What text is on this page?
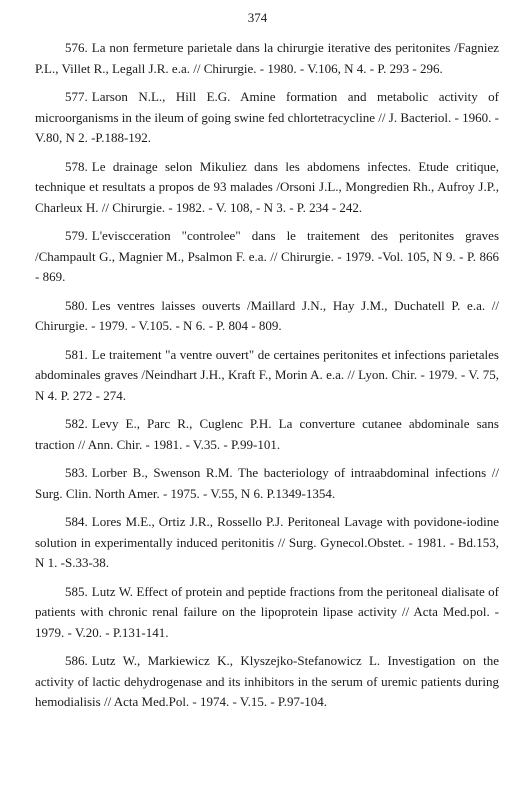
374

576. La non fermeture parietale dans la chirurgie iterative des peritonites /Fagniez P.L., Villet R., Legall J.R. e.a. // Chirurgie. - 1980. - V.106, N 4. - P. 293 - 296.

577. Larson N.L., Hill E.G. Amine formation and metabolic activity of microorganisms in the ileum of going swine fed chlortetracycline // J. Bacteriol. - 1960. - V.80, N 2. -P.188-192.

578. Le drainage selon Mikuliez dans les abdomens infectes. Etude critique, technique et resultats a propos de 93 malades /Orsoni J.L., Mongredien Rh., Aufroy J.P., Charleux H. // Chirurgie. - 1982. - V. 108, - N 3. - P. 234 - 242.

579. L'eviscceration "controlee" dans le traitement des peritonites graves /Champault G., Magnier M., Psalmon F. e.a. // Chirurgie. - 1979. -Vol. 105, N 9. - P. 866 - 869.

580. Les ventres laisses ouverts /Maillard J.N., Hay J.M., Duchatell P. e.a. // Chirurgie. - 1979. - V.105. - N 6. - P. 804 - 809.

581. Le traitement "a ventre ouvert" de certaines peritonites et infections parietales abdominales graves /Neindhart J.H., Kraft F., Morin A. e.a. // Lyon. Chir. - 1979. - V. 75, N 4. P. 272 - 274.

582. Levy E., Parc R., Cuglenc P.H. La converture cutanee abdominale sans traction // Ann. Chir. - 1981. - V.35. - P.99-101.

583. Lorber B., Swenson R.M. The bacteriology of intraabdominal infections // Surg. Clin. North Amer. - 1975. - V.55, N 6. P.1349-1354.

584. Lores M.E., Ortiz J.R., Rossello P.J. Peritoneal Lavage with povidone-iodine solution in experimentally induced peritonitis // Surg. Gynecol.Obstet. - 1981. - Bd.153, N 1. -S.33-38.

585. Lutz W. Effect of protein and peptide fractions from the peritoneal dialisate of patients with chronic renal failure on the lipoprotein lipase activity // Acta Med.pol. - 1979. - V.20. - P.131-141.

586. Lutz W., Markiewicz K., Klyszejko-Stefanowicz L. Investigation on the activity of lactic dehydrogenase and its inhibitors in the serum of uremic patients during hemodialisis // Acta Med.Pol. - 1974. - V.15. - P.97-104.
